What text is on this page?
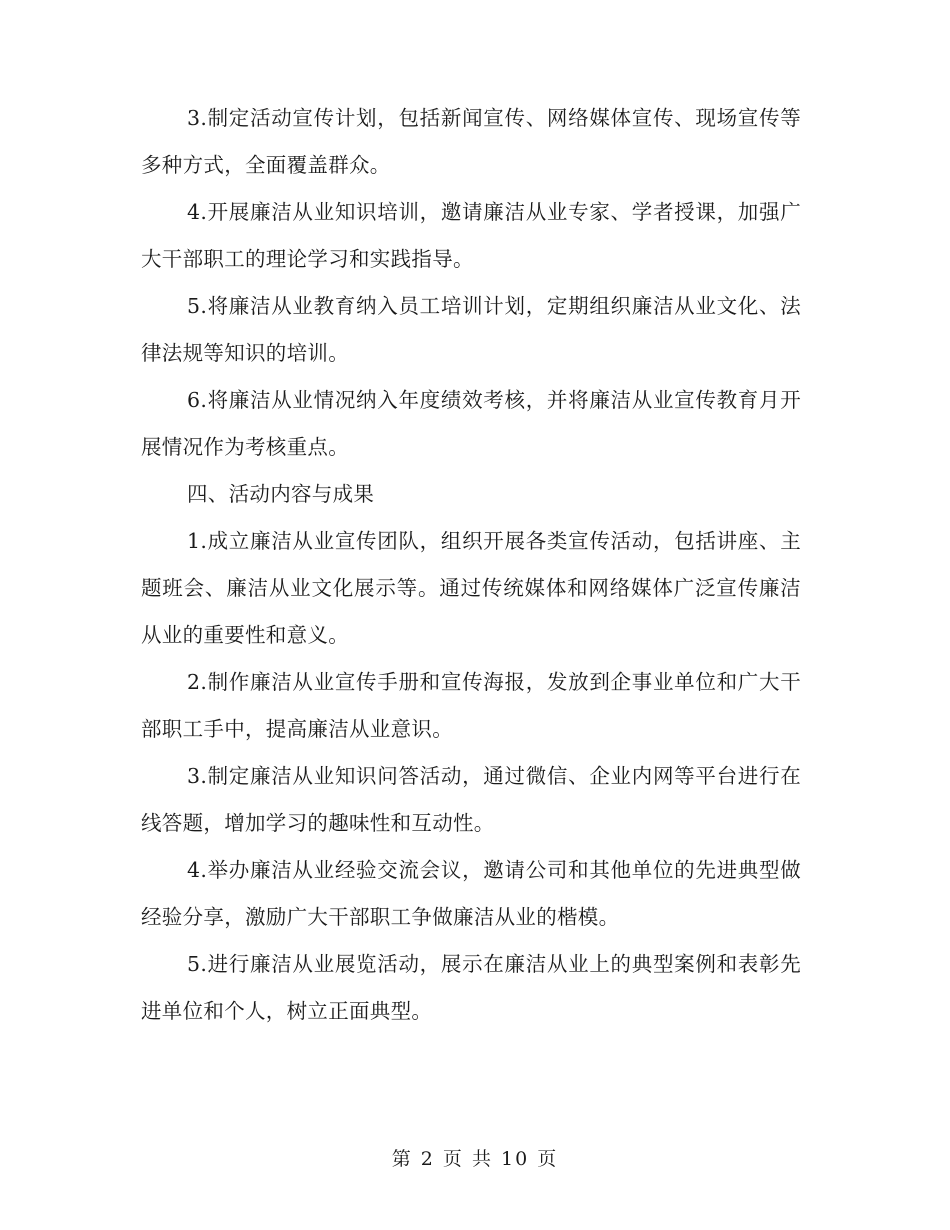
3.制定活动宣传计划，包括新闻宣传、网络媒体宣传、现场宣传等多种方式，全面覆盖群众。

4.开展廉洁从业知识培训，邀请廉洁从业专家、学者授课，加强广大干部职工的理论学习和实践指导。

5.将廉洁从业教育纳入员工培训计划，定期组织廉洁从业文化、法律法规等知识的培训。

6.将廉洁从业情况纳入年度绩效考核，并将廉洁从业宣传教育月开展情况作为考核重点。

四、活动内容与成果

1.成立廉洁从业宣传团队，组织开展各类宣传活动，包括讲座、主题班会、廉洁从业文化展示等。通过传统媒体和网络媒体广泛宣传廉洁从业的重要性和意义。

2.制作廉洁从业宣传手册和宣传海报，发放到企事业单位和广大干部职工手中，提高廉洁从业意识。

3.制定廉洁从业知识问答活动，通过微信、企业内网等平台进行在线答题，增加学习的趣味性和互动性。

4.举办廉洁从业经验交流会议，邀请公司和其他单位的先进典型做经验分享，激励广大干部职工争做廉洁从业的楷模。

5.进行廉洁从业展览活动，展示在廉洁从业上的典型案例和表彰先进单位和个人，树立正面典型。

第 2 页 共 10 页
